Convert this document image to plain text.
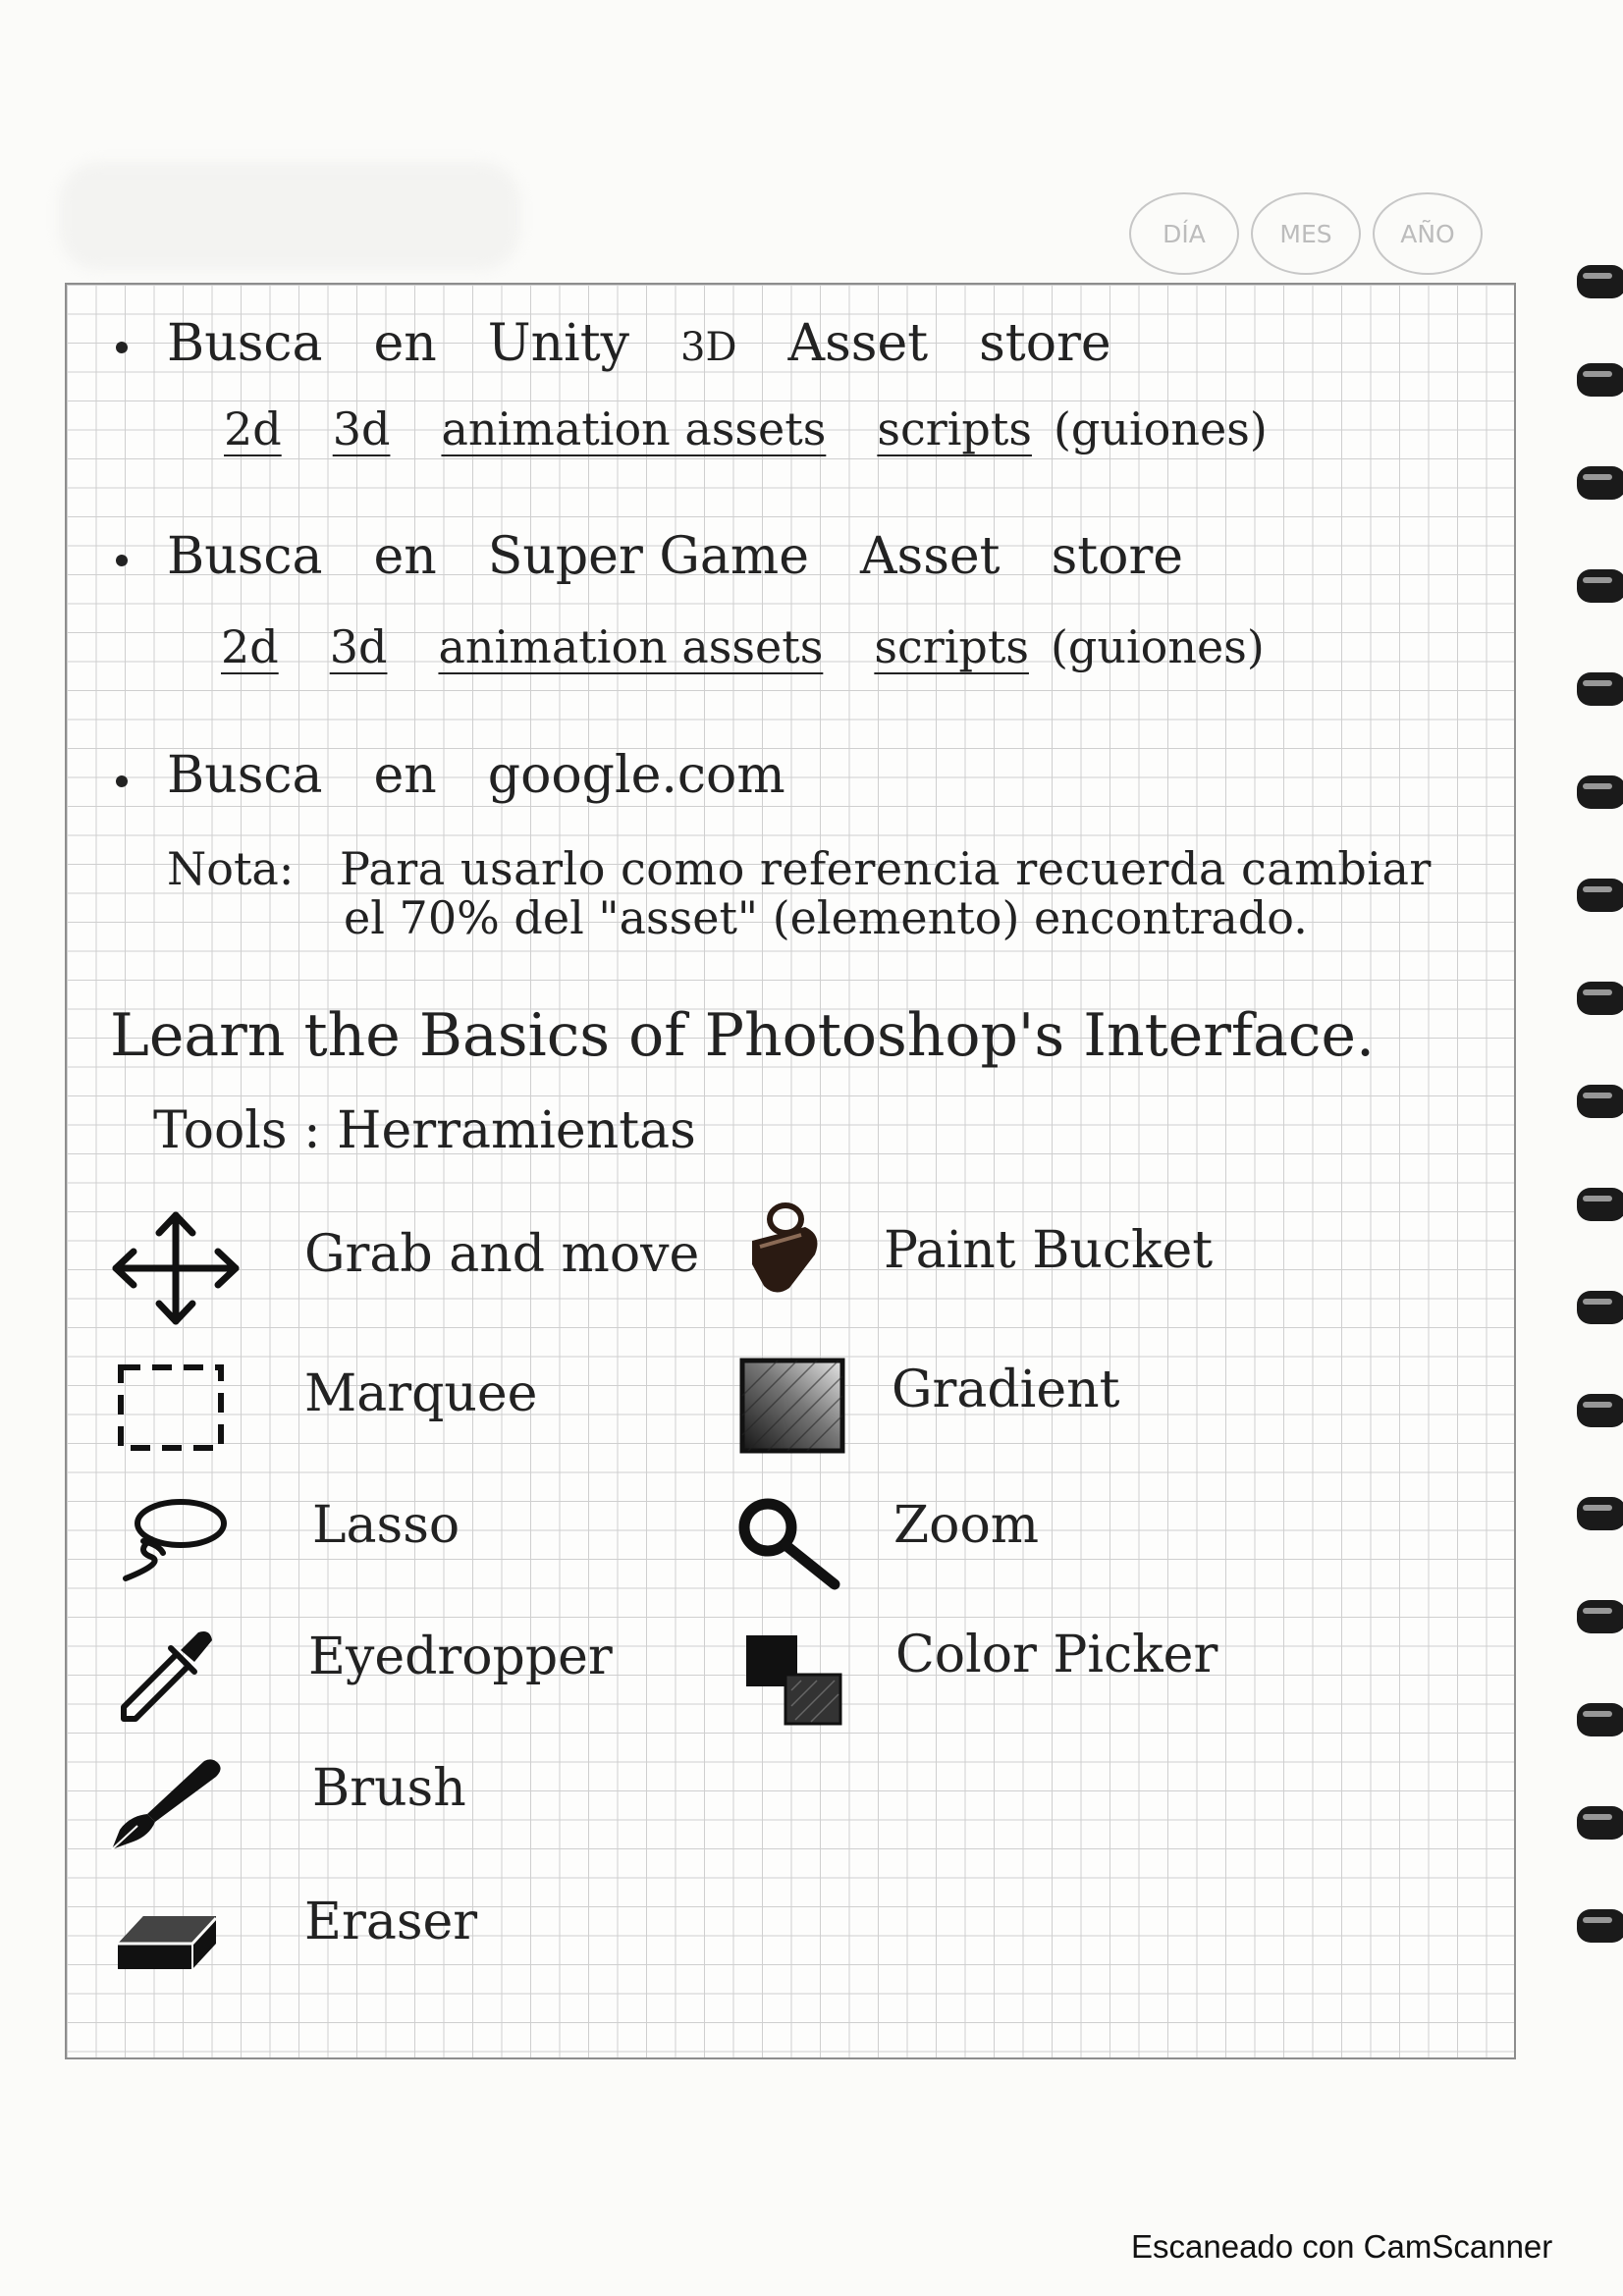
DÍA	MES	AÑO
Busca en Unity 3D Asset store
2d 3d animation assets scripts (guiones)
Busca en Super Game Asset store
2d 3d animation assets scripts (guiones)
Busca en google.com
Nota: Para usarlo como referencia recuerda cambiar
el 70% del "asset" (elemento) encontrado.
Learn the Basics of Photoshop's Interface.
Tools : Herramientas
Grab and move
Marquee
Lasso
Eyedropper
Brush
Eraser
Paint Bucket
Gradient
Zoom
Color Picker
Escaneado con CamScanner
